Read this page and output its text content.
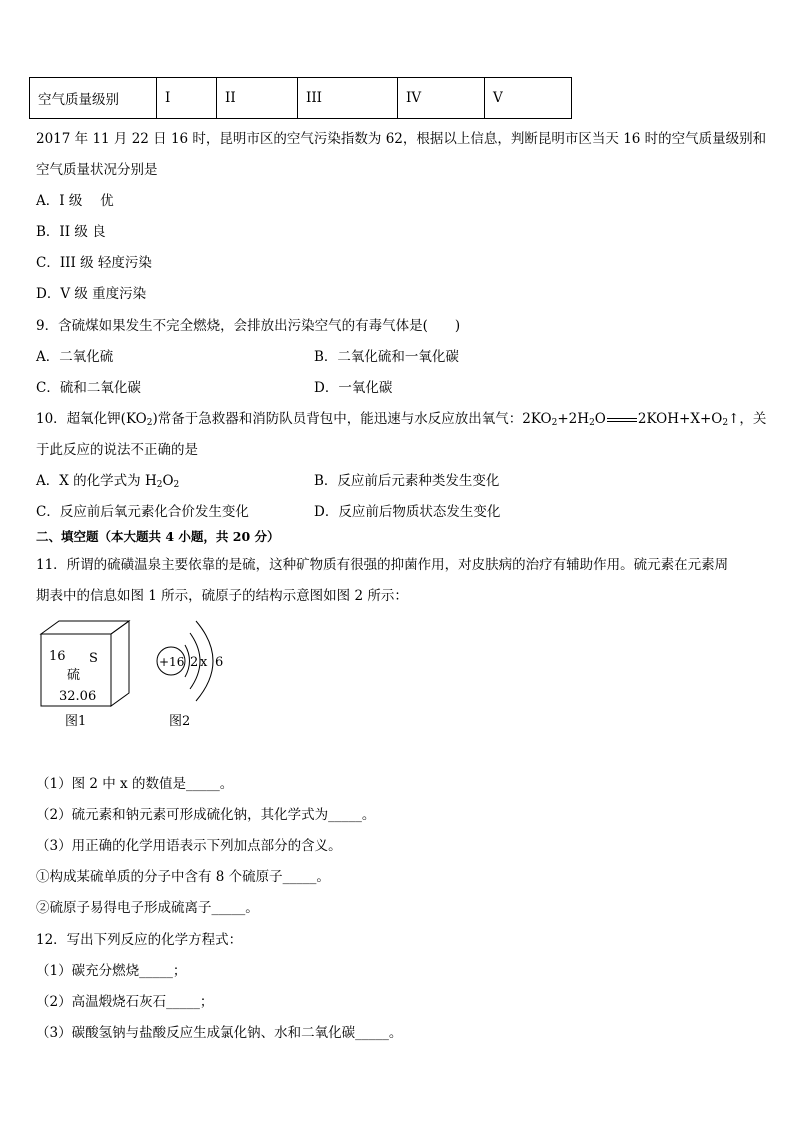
空气质量级别	I	II	III	IV	V
2017 年 11 月 22 日 16 时，昆明市区的空气污染指数为 62，根据以上信息，判断昆明市区当天 16 时的空气质量级别和
空气质量状况分别是
A．I 级　 优
B．II 级 良
C．III 级 轻度污染
D．V 级 重度污染
9．含硫煤如果发生不完全燃烧，会排放出污染空气的有毒气体是(　　)
A．二氧化硫	B．二氧化硫和一氧化碳
C．硫和二氧化碳	D．一氧化碳
10．超氧化钾$(KO_2)$常备于急救器和消防队员背包中，能迅速与水反应放出氧气：$2KO_2+2H_2O$ $2KOH+X+O_2↑$，关
于此反应的说法不正确的是
A．X 的化学式为 $H_2O_2$	B．反应前后元素种类发生变化
C．反应前后氧元素化合价发生变化	D．反应前后物质状态发生变化
二、填空题（本大题共 4 小题，共 20 分）
11．所谓的硫磺温泉主要依靠的是硫，这种矿物质有很强的抑菌作用，对皮肤病的治疗有辅助作用。硫元素在元素周
期表中的信息如图 1 所示，硫原子的结构示意图如图 2 所示：
16 S
硫
32.06
图1
+16 2 x 6
图2
（1）图 2 中 x 的数值是_____。
（2）硫元素和钠元素可形成硫化钠，其化学式为_____。
（3）用正确的化学用语表示下列加点部分的含义。
①构成某硫单质的分子中含有 8 个硫原子_____。
②硫原子易得电子形成硫离子_____。
12．写出下列反应的化学方程式：
（1）碳充分燃烧_____；
（2）高温煅烧石灰石_____；
（3）碳酸氢钠与盐酸反应生成氯化钠、水和二氧化碳_____。
